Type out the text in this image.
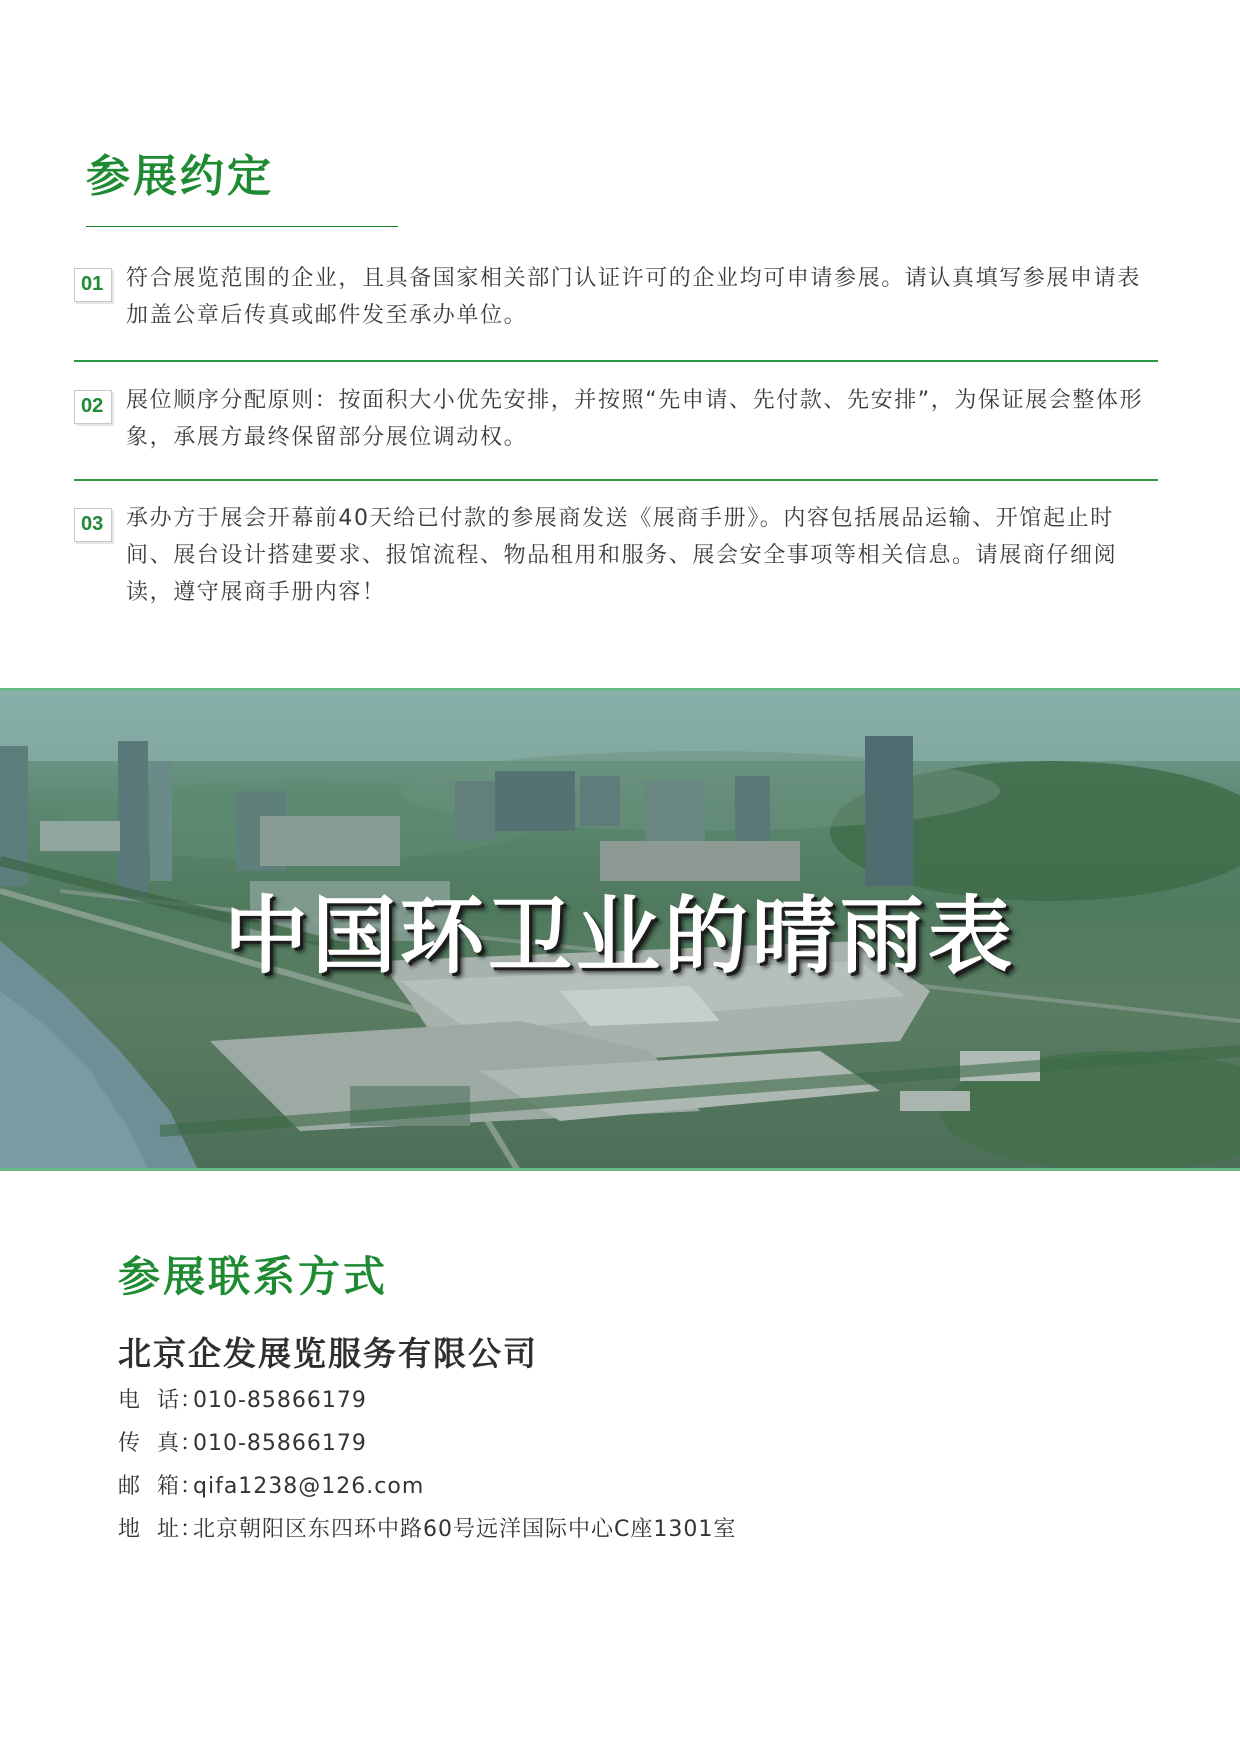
参展约定
01 符合展览范围的企业，且具备国家相关部门认证许可的企业均可申请参展。请认真填写参展申请表加盖公章后传真或邮件发至承办单位。

02 展位顺序分配原则：按面积大小优先安排，并按照“先申请、先付款、先安排”，为保证展会整体形象，承展方最终保留部分展位调动权。

03 承办方于展会开幕前40天给已付款的参展商发送《展商手册》。内容包括展品运输、开馆起止时间、展台设计搭建要求、报馆流程、物品租用和服务、展会安全事项等相关信息。请展商仔细阅读，遵守展商手册内容！

中国环卫业的晴雨表
参展联系方式

北京企发展览服务有限公司

电  话：010-85866179
传  真：010-85866179
邮  箱：qifa1238@126.com
地  址：北京朝阳区东四环中路60号远洋国际中心C座1301室
